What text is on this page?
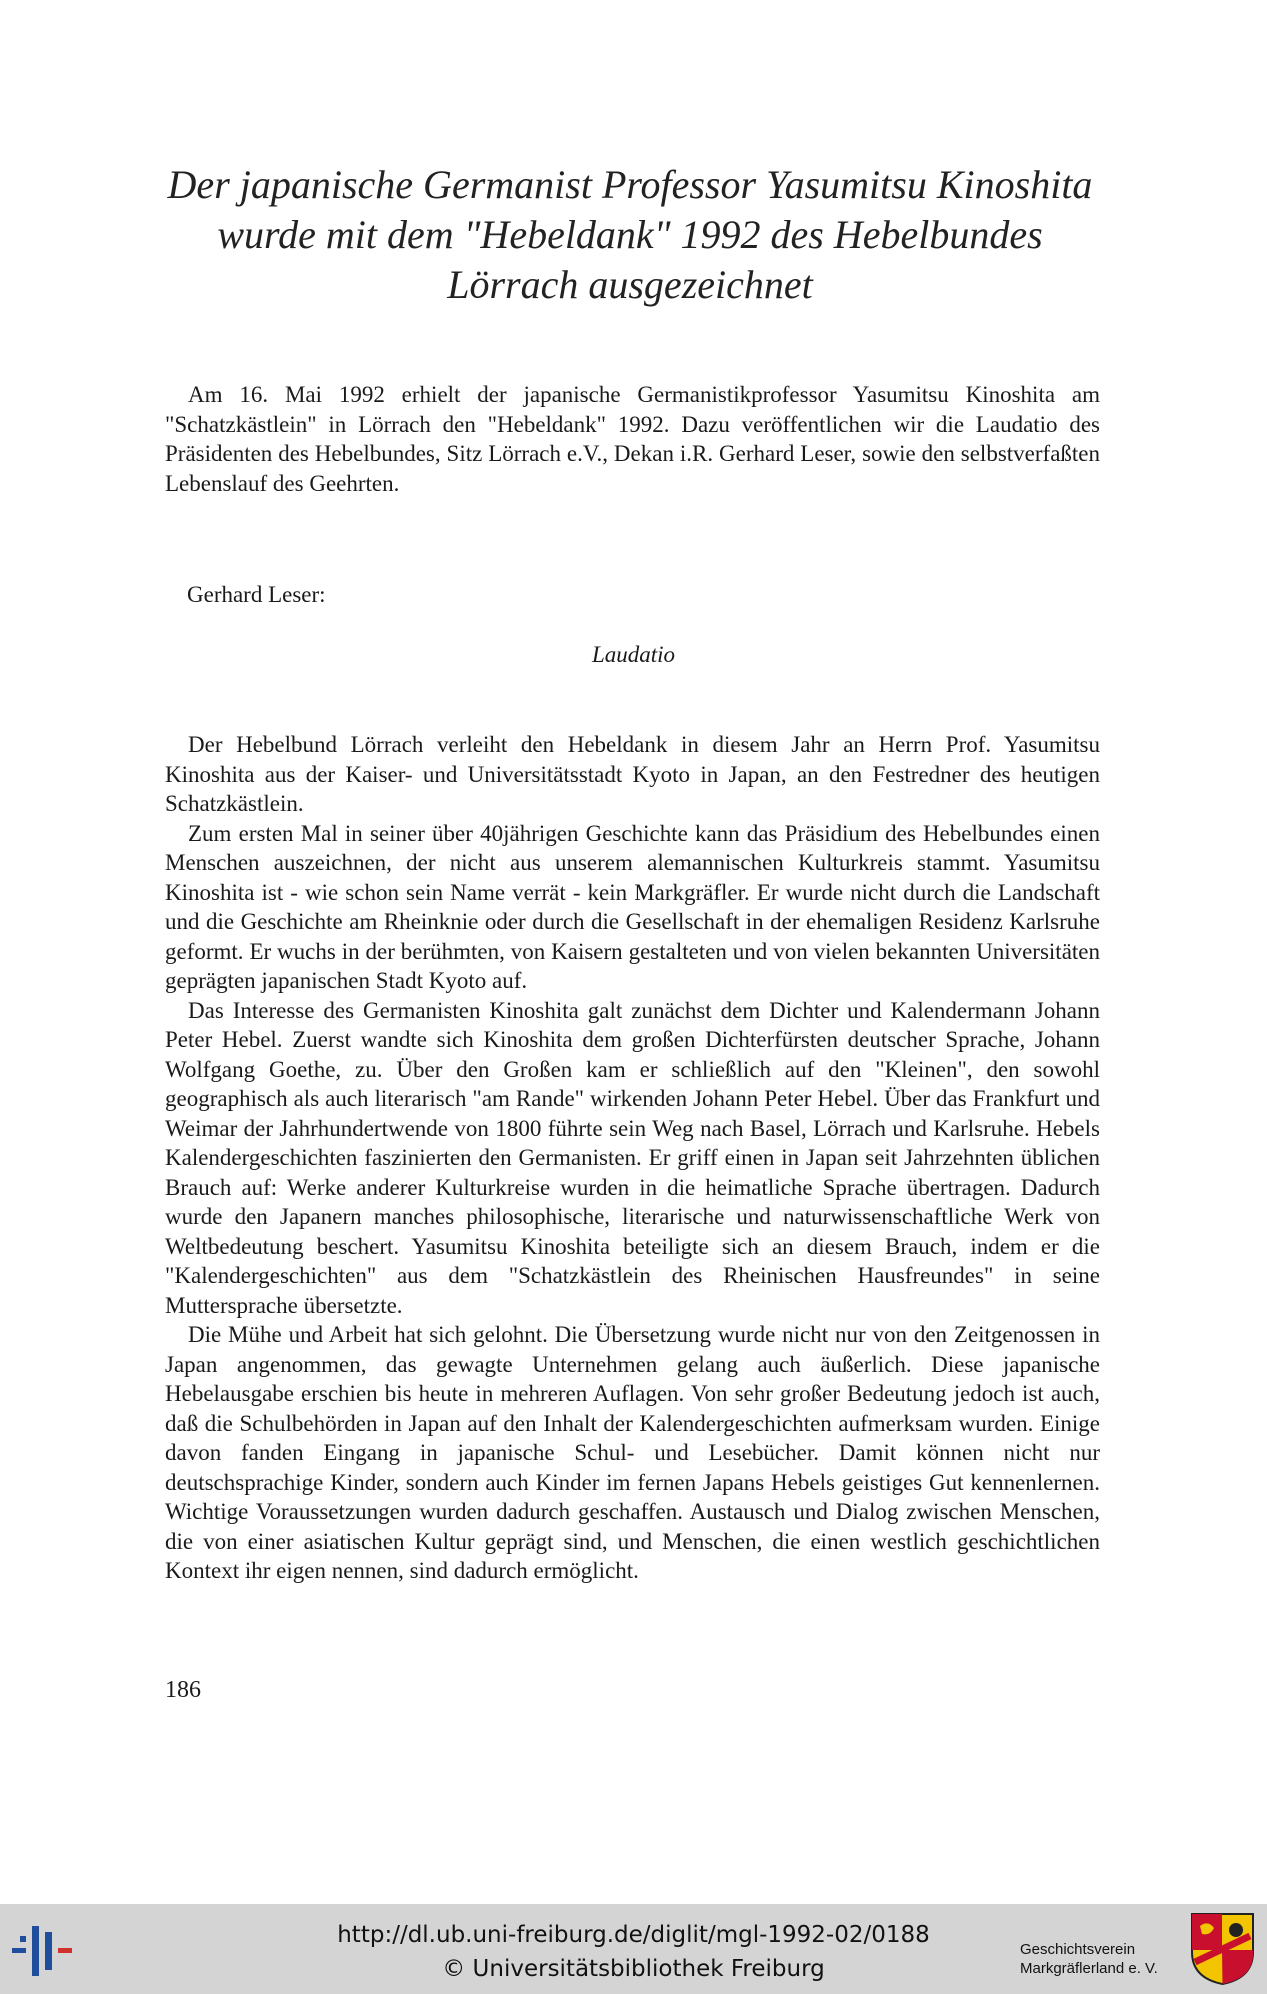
Der japanische Germanist Professor Yasumitsu Kinoshita
wurde mit dem "Hebeldank" 1992 des Hebelbundes
Lörrach ausgezeichnet

Am 16. Mai 1992 erhielt der japanische Germanistikprofessor Yasumitsu Kinoshita am "Schatzkästlein" in Lörrach den "Hebeldank" 1992. Dazu veröffentlichen wir die Laudatio des Präsidenten des Hebelbundes, Sitz Lörrach e.V., Dekan i.R. Gerhard Leser, sowie den selbstverfaßten Lebenslauf des Geehrten.

Gerhard Leser:
Laudatio

Der Hebelbund Lörrach verleiht den Hebeldank in diesem Jahr an Herrn Prof. Yasumitsu Kinoshita aus der Kaiser- und Universitätsstadt Kyoto in Japan, an den Festredner des heutigen Schatzkästlein.

Zum ersten Mal in seiner über 40jährigen Geschichte kann das Präsidium des Hebelbundes einen Menschen auszeichnen, der nicht aus unserem alemannischen Kulturkreis stammt. Yasumitsu Kinoshita ist - wie schon sein Name verrät - kein Markgräfler. Er wurde nicht durch die Landschaft und die Geschichte am Rheinknie oder durch die Gesellschaft in der ehemaligen Residenz Karlsruhe geformt. Er wuchs in der berühmten, von Kaisern gestalteten und von vielen bekannten Universitäten geprägten japanischen Stadt Kyoto auf.

Das Interesse des Germanisten Kinoshita galt zunächst dem Dichter und Kalendermann Johann Peter Hebel. Zuerst wandte sich Kinoshita dem großen Dichterfürsten deutscher Sprache, Johann Wolfgang Goethe, zu. Über den Großen kam er schließlich auf den "Kleinen", den sowohl geographisch als auch literarisch "am Rande" wirkenden Johann Peter Hebel. Über das Frankfurt und Weimar der Jahrhundertwende von 1800 führte sein Weg nach Basel, Lörrach und Karlsruhe. Hebels Kalendergeschichten faszinierten den Germanisten. Er griff einen in Japan seit Jahrzehnten üblichen Brauch auf: Werke anderer Kulturkreise wurden in die heimatliche Sprache übertragen. Dadurch wurde den Japanern manches philosophische, literarische und naturwissenschaftliche Werk von Weltbedeutung beschert. Yasumitsu Kinoshita beteiligte sich an diesem Brauch, indem er die "Kalendergeschichten" aus dem "Schatzkästlein des Rheinischen Hausfreundes" in seine Muttersprache übersetzte.

Die Mühe und Arbeit hat sich gelohnt. Die Übersetzung wurde nicht nur von den Zeitgenossen in Japan angenommen, das gewagte Unternehmen gelang auch äußerlich. Diese japanische Hebelausgabe erschien bis heute in mehreren Auflagen. Von sehr großer Bedeutung jedoch ist auch, daß die Schulbehörden in Japan auf den Inhalt der Kalendergeschichten aufmerksam wurden. Einige davon fanden Eingang in japanische Schul- und Lesebücher. Damit können nicht nur deutschsprachige Kinder, sondern auch Kinder im fernen Japans Hebels geistiges Gut kennenlernen. Wichtige Voraussetzungen wurden dadurch geschaffen. Austausch und Dialog zwischen Menschen, die von einer asiatischen Kultur geprägt sind, und Menschen, die einen westlich geschichtlichen Kontext ihr eigen nennen, sind dadurch ermöglicht.

186
http://dl.ub.uni-freiburg.de/diglit/mgl-1992-02/0188
© Universitätsbibliothek Freiburg
Geschichtsverein
Markgräflerland e. V.
